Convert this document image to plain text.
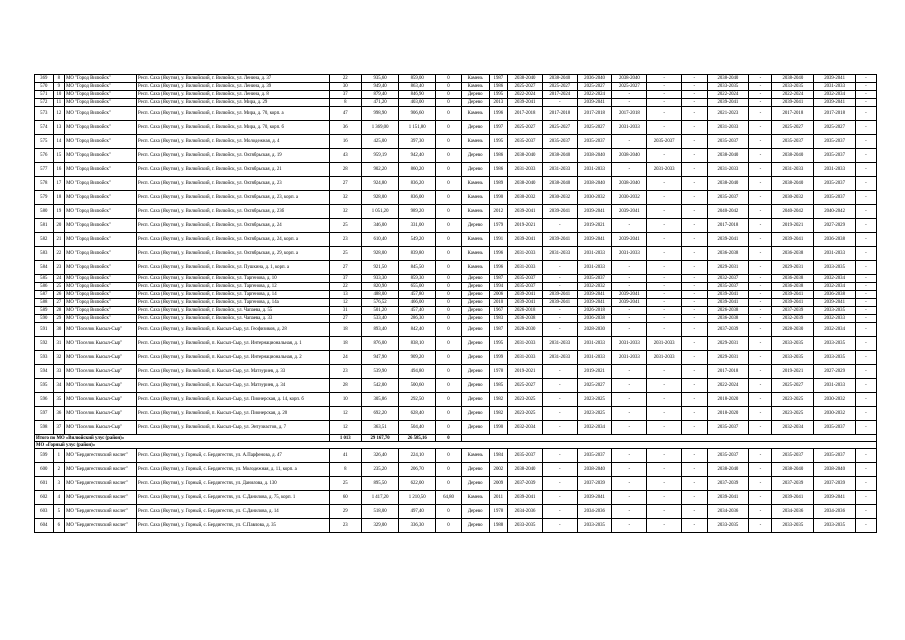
369	8	МО "Город Вилюйск"	Респ. Саха (Якутия), у. Вилюйский, г. Вилюйск, ул. Ленина, д. 37	22	935,60	859,00	0	Камень	1987	2038-2040	2038-2040	2036-2040	2038-2040	-	-	2038-2040	-	2038-2040	2039-2041	-
570	9	МО "Город Вилюйск"	Респ. Саха (Якутия), у. Вилюйский, г. Вилюйск, ул. Ленина, д. 39	30	949,40	863,40	0	Камень	1986	2025-2027	2025-2027	2025-2027	2025-2027	-	-	2033-2035	-	2033-2035	2031-2033	-
571	10	МО "Город Вилюйск"	Респ. Саха (Якутия), у. Вилюйский, г. Вилюйск, ул. Ленина, д. 8	37	879,40	846,90	0	Дерево	1995	2022-2024	2017-2024	2022-2024	-	-	-	2022-2024	-	2022-2024	2032-2034	-
572	11	МО "Город Вилюйск"	Респ. Саха (Якутия), у. Вилюйский, г. Вилюйск, ул. Мира, д. 29	8	471,20	403,00	0	Дерево	2013	2039-2041	-	2039-2041	-	-	-	2039-2041	-	2039-2041	2039-2041	-
573	12	МО "Город Вилюйск"	Респ. Саха (Якутия), у. Вилюйский, г. Вилюйск, ул. Мира, д. 70, корп. а	47	998,90	906,60	0	Камень	1996	2017-2018	2017-2018	2017-2018	2017-2018	-	-	2021-2023	-	2017-2018	2017-2018	-
574	13	МО "Город Вилюйск"	Респ. Саха (Якутия), у. Вилюйский, г. Вилюйск, ул. Мира, д. 70, корп. б	36	1 369,00	1 151,80	0	Дерево	1997	2025-2027	2025-2027	2025-2027	2031-2033	-	-	2031-2033	-	2025-2027	2025-2027	-
575	14	МО "Город Вилюйск"	Респ. Саха (Якутия), у. Вилюйский, г. Вилюйск, ул. Молодежная, д. 4	16	425,00	397,30	0	Камень	1995	2035-2037	2035-2037	2035-2037	-	2035-2037	-	2035-2037	-	2035-2037	2035-2037	-
576	15	МО "Город Вилюйск"	Респ. Саха (Якутия), у. Вилюйский, г. Вилюйск, ул. Октябрьская, д. 19	43	959,19	942,40	0	Дерево	1986	2038-2040	2038-2040	2038-2040	2038-2040	-	-	2038-2040	-	2038-2040	2035-2037	-
577	16	МО "Город Вилюйск"	Респ. Саха (Якутия), у. Вилюйский, г. Вилюйск, ул. Октябрьская, д. 21	28	902,20	860,20	0	Дерево	1986	2031-2033	2031-2033	2031-2033	-	2031-2033	-	2031-2033	-	2031-2033	2031-2033	-
578	17	МО "Город Вилюйск"	Респ. Саха (Якутия), у. Вилюйский, г. Вилюйск, ул. Октябрьская, д. 23	27	924,80	836,20	0	Камень	1989	2038-2040	2038-2040	2038-2040	2038-2040	-	-	2038-2040	-	2038-2040	2035-2037	-
579	18	МО "Город Вилюйск"	Респ. Саха (Якутия), у. Вилюйский, г. Вилюйск, ул. Октябрьская, д. 23, корп. а	32	928,00	836,00	0	Камень	1990	2030-2032	2030-2032	2030-2032	2030-2032	-	-	2035-2037	-	2030-2032	2035-2037	-
580	19	МО "Город Вилюйск"	Респ. Саха (Якутия), у. Вилюйский, г. Вилюйск, ул. Октябрьская, д. 23б	32	1 051,20	989,20	0	Камень	2012	2039-2041	2039-2041	2039-2041	2039-2041	-	-	2040-2042	-	2040-2042	2040-2042	-
581	20	МО "Город Вилюйск"	Респ. Саха (Якутия), у. Вилюйский, г. Вилюйск, ул. Октябрьская, д. 24	25	346,00	331,00	0	Дерево	1979	2019-2021	-	2019-2021	-	-	-	2017-2018	-	2019-2021	2027-2029	-
582	21	МО "Город Вилюйск"	Респ. Саха (Якутия), у. Вилюйский, г. Вилюйск, ул. Октябрьская, д. 24, корп. а	23	610,40	549,20	0	Камень	1991	2039-2041	2039-2041	2039-2041	2039-2041	-	-	2039-2041	-	2039-2041	2036-2038	-
583	22	МО "Город Вилюйск"	Респ. Саха (Якутия), у. Вилюйский, г. Вилюйск, ул. Октябрьская, д. 29, корп. а	25	928,00	839,80	0	Камень	1996	2031-2033	2031-2033	2031-2033	2031-2033	-	-	2036-2038	-	2036-2038	2031-2033	-
584	23	МО "Город Вилюйск"	Респ. Саха (Якутия), у. Вилюйский, г. Вилюйск, ул. Пушкина, д. 1, корп. а	27	921,50	845,50	0	Камень	1996	2031-2033	-	2031-2033	-	-	-	2029-2031	-	2029-2031	2033-2035	-
585	24	МО "Город Вилюйск"	Респ. Саха (Якутия), у. Вилюйский, г. Вилюйск, ул. Таргенова, д. 10	37	933,30	859,30	0	Дерево	1987	2035-2037	-	2035-2037	-	-	-	2032-2037	-	2036-2038	2032-2034	-
586	25	МО "Город Вилюйск"	Респ. Саха (Якутия), у. Вилюйский, г. Вилюйск, ул. Таргенова, д. 12	22	820,90	655,00	0	Дерево	1994	2035-2037	-	2032-2032	-	-	-	2035-2037	-	2036-2038	2032-2034	-
587	26	МО "Город Вилюйск"	Респ. Саха (Якутия), у. Вилюйский, г. Вилюйск, ул. Таргенова, д. 14	13	488,00	457,80	0	Дерево	2006	2039-2041	2039-2041	2039-2041	2039-2041	-	-	2039-2041	-	2039-2041	2036-2038	-
588	27	МО "Город Вилюйск"	Респ. Саха (Якутия), у. Вилюйский, г. Вилюйск, ул. Таргенова, д. 14а	12	576,52	466,00	0	Дерево	2010	2039-2041	2039-2041	2039-2041	2039-2041	-	-	2039-2041	-	2039-2041	2039-2041	-
589	28	МО "Город Вилюйск"	Респ. Саха (Якутия), у. Вилюйский, г. Вилюйск, ул. Чапаева, д. 55	31	501,20	457,40	0	Дерево	1967	2026-2018	-	2026-2018	-	-	-	2026-2038	-	2037-2039	2033-2035	-
590	29	МО "Город Вилюйск"	Респ. Саха (Якутия), у. Вилюйский, г. Вилюйск, ул. Чапаева, д. 33	27	533,40	286,30	0	Дерево	1983	2036-2038	-	2036-2038	-	-	-	2036-2038	-	2032-2039	2032-2033	-
591	30	МО "Поселок Кысыл-Сыр"	Респ. Саха (Якутия), у. Вилюйский, п. Кысыл-Сыр, ул. Геофизиков, д. 28	18	893,40	842,40	0	Дерево	1987	2028-2030	-	2028-2030	-	-	-	2037-2039	-	2028-2030	2032-2034	-
592	31	МО "Поселок Кысыл-Сыр"	Респ. Саха (Якутия), у. Вилюйский, п. Кысыл-Сыр, ул. Интернациональная, д. 1	18	876,00	838,10	0	Дерево	1995	2031-2033	2031-2033	2031-2033	2031-2033	2031-2033	-	2029-2031	-	2033-2035	2033-2035	-
593	32	МО "Поселок Кысыл-Сыр"	Респ. Саха (Якутия), у. Вилюйский, п. Кысыл-Сыр, ул. Интернациональная, д. 2	24	947,90	909,20	0	Дерево	1999	2031-2033	2031-2033	2031-2033	2031-2033	2031-2033	-	2029-2031	-	2033-2035	2033-2035	-
594	33	МО "Поселок Кысыл-Сыр"	Респ. Саха (Якутия), у. Вилюйский, п. Кысыл-Сыр, ул. Матэуриев, д. 33	23	539,90	494,80	0	Дерево	1978	2019-2021	-	2019-2021	-	-	-	2017-2018	-	2019-2021	2027-2029	-
595	34	МО "Поселок Кысыл-Сыр"	Респ. Саха (Якутия), у. Вилюйский, п. Кысыл-Сыр, ул. Матэуриев, д. 34	28	542,00	500,60	0	Дерево	1985	2025-2027	-	2025-2027	-	-	-	2022-2024	-	2025-2027	2031-2033	-
596	35	МО "Поселок Кысыл-Сыр"	Респ. Саха (Якутия), у. Вилюйский, п. Кысыл-Сыр, ул. Пионерская, д. 14, корп. б	10	305,86	292,50	0	Дерево	1982	2023-2025	-	2023-2025	-	-	-	2018-2020	-	2023-2025	2030-2032	-
597	36	МО "Поселок Кысыл-Сыр"	Респ. Саха (Якутия), у. Вилюйский, п. Кысыл-Сыр, ул. Пионерская, д. 20	12	692,20	628,40	0	Дерево	1982	2023-2025	-	2023-2025	-	-	-	2018-2020	-	2023-2025	2030-2032	-
598	37	МО "Поселок Кысыл-Сыр"	Респ. Саха (Якутия), у. Вилюйский, п. Кысыл-Сыр, ул. Энтузиастов, д. 7	12	363,51	504,40	0	Дерево	1990	2032-2034	-	2032-2034	-	-	-	2035-2037	-	2032-2034	2035-2037	-
Итого по МО «Вилюйский улус (район)»				1 013	29 167,70	26 585,16	0													
МО «Горный улус (район)»																				
599	1	МО "Бердигестяхский наслег"	Респ. Саха (Якутия), у. Горный, с. Бердигестях, ул. А.Парфенова, д. 47	41	326,40	224,10	0	Камень	1984	2035-2037	-	2035-2037	-	-	-	2035-2037	-	2035-2037	2035-2037	-
600	2	МО "Бердигестяхский наслег"	Респ. Саха (Якутия), у. Горный, с. Бердигестях, ул. Молодежная, д. 11, корп. а	8	235,20	206,70	0	Дерево	2002	2038-2040	-	2038-2040	-	-	-	2038-2040	-	2038-2040	2038-2040	-
601	3	МО "Бердигестяхский наслег"	Респ. Саха (Якутия), у. Горный, с. Бердигестях, ул. Данилова, д. 130	25	895,50	622,00	0	Дерево	2009	2037-2039	-	2037-2039	-	-	-	2037-2039	-	2037-2039	2037-2039	-
602	4	МО "Бердигестяхский наслег"	Респ. Саха (Якутия), у. Горный, с. Бердигестях, ул. С.Данилова, д. 75, корп. 1	60	1 417,20	1 210,50	64,80	Камень	2011	2039-2041	-	2039-2041	-	-	-	2039-2041	-	2039-2041	2039-2041	-
603	5	МО "Бердигестяхский наслег"	Респ. Саха (Якутия), у. Горный, с. Бердигестях, ул. С.Данилова, д. 14	29	518,00	497,40	0	Дерево	1978	2034-2036	-	2034-2036	-	-	-	2034-2036	-	2034-2036	2034-2036	-
604	6	МО "Бердигестяхский наслег"	Респ. Саха (Якутия), у. Горный, с. Бердигестях, ул. С.Павлова, д. 35	23	329,00	336,30	0	Дерево	1988	2033-2035	-	2033-2035	-	-	-	2033-2035	-	2033-2035	2033-2035	-
